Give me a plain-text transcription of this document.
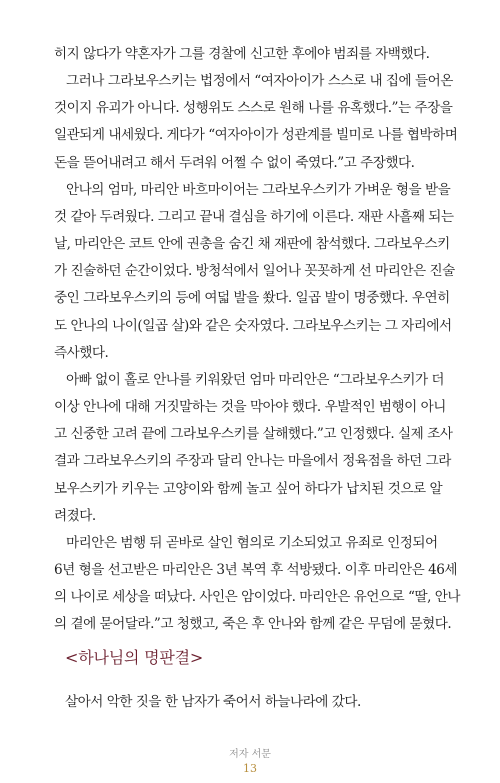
히지 않다가 약혼자가 그를 경찰에 신고한 후에야 범죄를 자백했다.

그러나 그라보우스키는 법정에서 “여자아이가 스스로 내 집에 들어온
것이지 유괴가 아니다. 성행위도 스스로 원해 나를 유혹했다.”는 주장을
일관되게 내세웠다. 게다가 “여자아이가 성관계를 빌미로 나를 협박하며
돈을 뜯어내려고 해서 두려워 어쩔 수 없이 죽였다.”고 주장했다.

안나의 엄마, 마리안 바흐마이어는 그라보우스키가 가벼운 형을 받을
것 같아 두려웠다. 그리고 끝내 결심을 하기에 이른다. 재판 사흘째 되는
날, 마리안은 코트 안에 권총을 숨긴 채 재판에 참석했다. 그라보우스키
가 진술하던 순간이었다. 방청석에서 일어나 꼿꼿하게 선 마리안은 진술
중인 그라보우스키의 등에 여덟 발을 쐈다. 일곱 발이 명중했다. 우연히
도 안나의 나이(일곱 살)와 같은 숫자였다. 그라보우스키는 그 자리에서
즉사했다.

아빠 없이 홀로 안나를 키워왔던 엄마 마리안은 “그라보우스키가 더
이상 안나에 대해 거짓말하는 것을 막아야 했다. 우발적인 범행이 아니
고 신중한 고려 끝에 그라보우스키를 살해했다.”고 인정했다. 실제 조사
결과 그라보우스키의 주장과 달리 안나는 마을에서 정육점을 하던 그라
보우스키가 키우는 고양이와 함께 놀고 싶어 하다가 납치된 것으로 알
려졌다.

마리안은 범행 뒤 곧바로 살인 혐의로 기소되었고 유죄로 인정되어
6년 형을 선고받은 마리안은 3년 복역 후 석방됐다. 이후 마리안은 46세
의 나이로 세상을 떠났다. 사인은 암이었다. 마리안은 유언으로 “딸, 안나
의 곁에 묻어달라.”고 청했고, 죽은 후 안나와 함께 같은 무덤에 묻혔다.

<하나님의 명판결>

살아서 악한 짓을 한 남자가 죽어서 하늘나라에 갔다.

저자 서문
13
